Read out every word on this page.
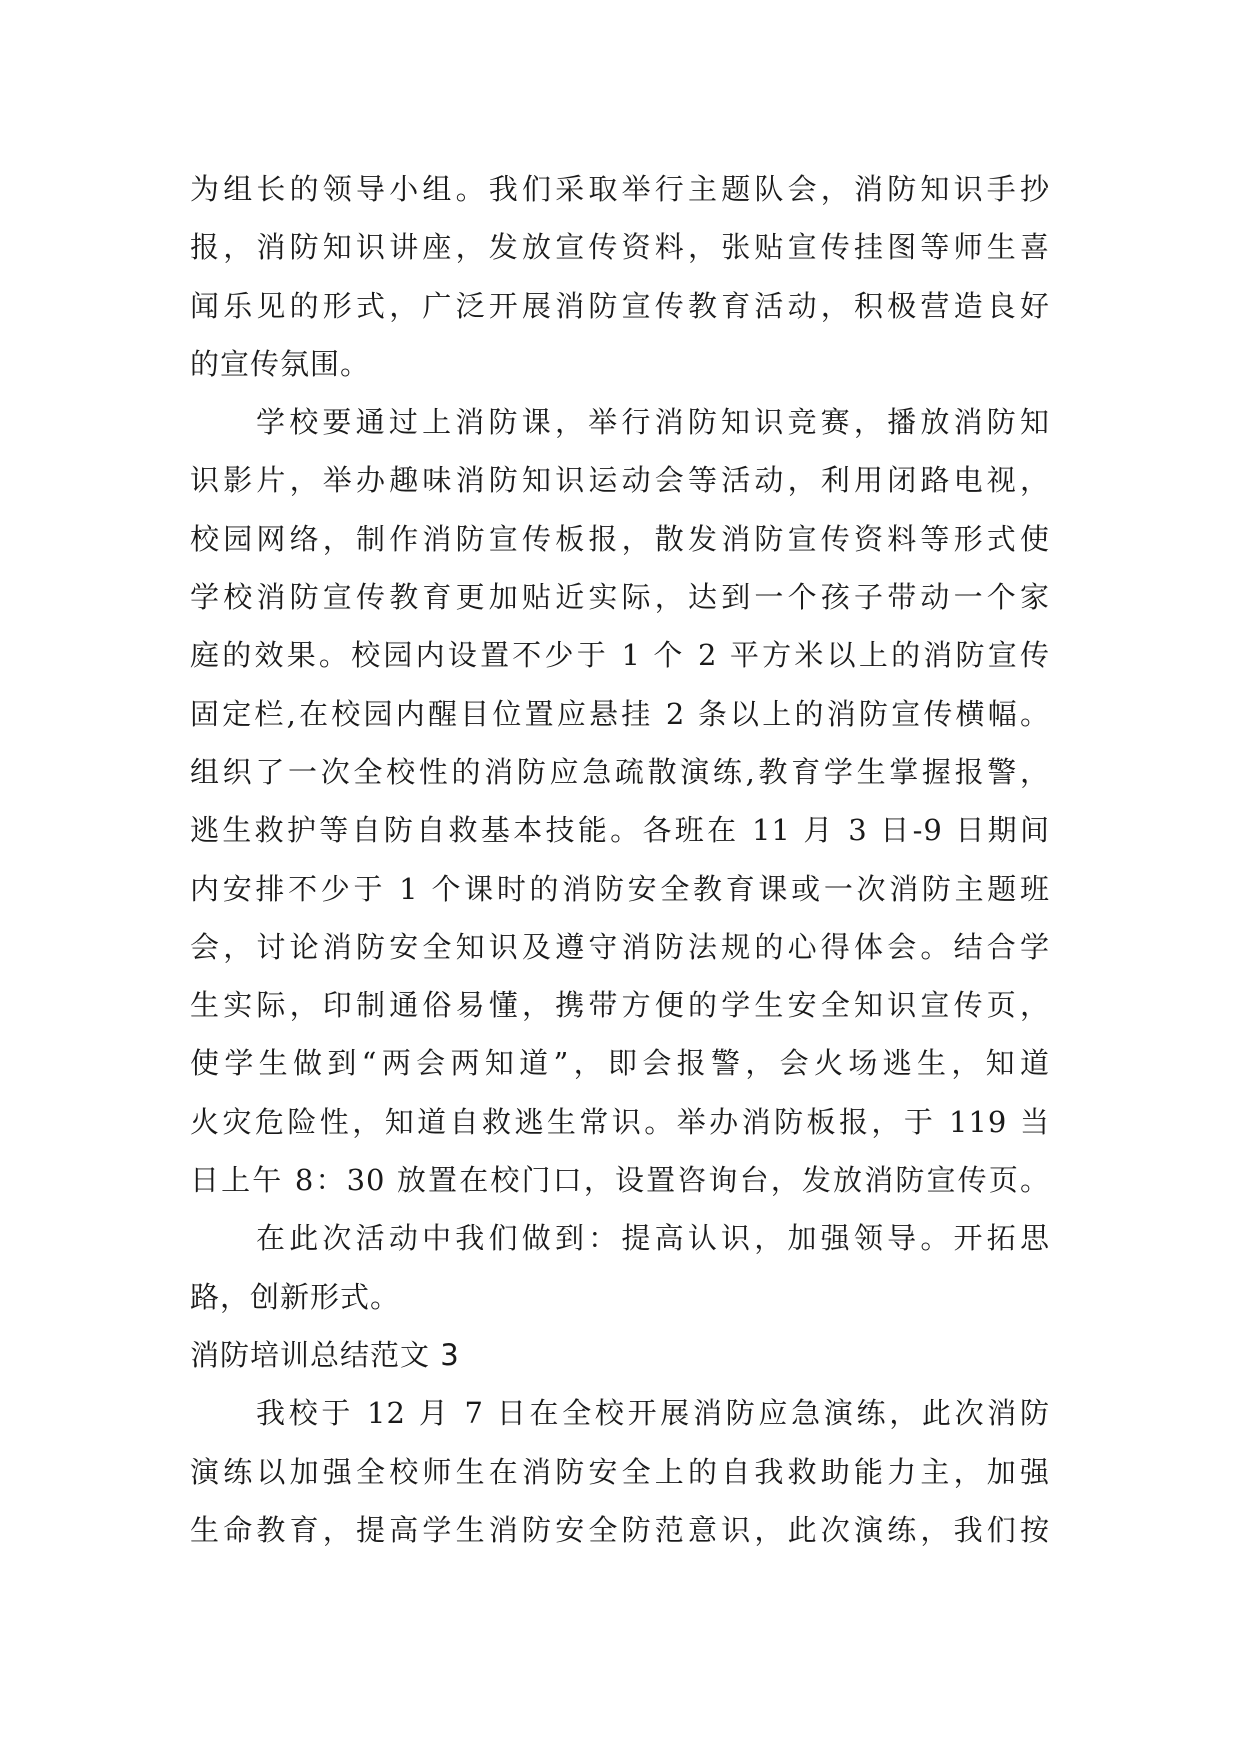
为组长的领导小组。我们采取举行主题队会，消防知识手抄
报，消防知识讲座，发放宣传资料，张贴宣传挂图等师生喜
闻乐见的形式，广泛开展消防宣传教育活动，积极营造良好
的宣传氛围。
学校要通过上消防课，举行消防知识竞赛，播放消防知
识影片，举办趣味消防知识运动会等活动，利用闭路电视，
校园网络，制作消防宣传板报，散发消防宣传资料等形式使
学校消防宣传教育更加贴近实际，达到一个孩子带动一个家
庭的效果。校园内设置不少于 1 个 2 平方米以上的消防宣传
固定栏,在校园内醒目位置应悬挂 2 条以上的消防宣传横幅。
组织了一次全校性的消防应急疏散演练,教育学生掌握报警，
逃生救护等自防自救基本技能。各班在 11 月 3 日-9 日期间
内安排不少于 1 个课时的消防安全教育课或一次消防主题班
会，讨论消防安全知识及遵守消防法规的心得体会。结合学
生实际，印制通俗易懂，携带方便的学生安全知识宣传页，
使学生做到“两会两知道”，即会报警，会火场逃生，知道
火灾危险性，知道自救逃生常识。举办消防板报，于 119 当
日上午 8：30 放置在校门口，设置咨询台，发放消防宣传页。
在此次活动中我们做到：提高认识，加强领导。开拓思
路，创新形式。
消防培训总结范文 3
我校于 12 月 7 日在全校开展消防应急演练，此次消防
演练以加强全校师生在消防安全上的自我救助能力主，加强
生命教育，提高学生消防安全防范意识，此次演练，我们按
